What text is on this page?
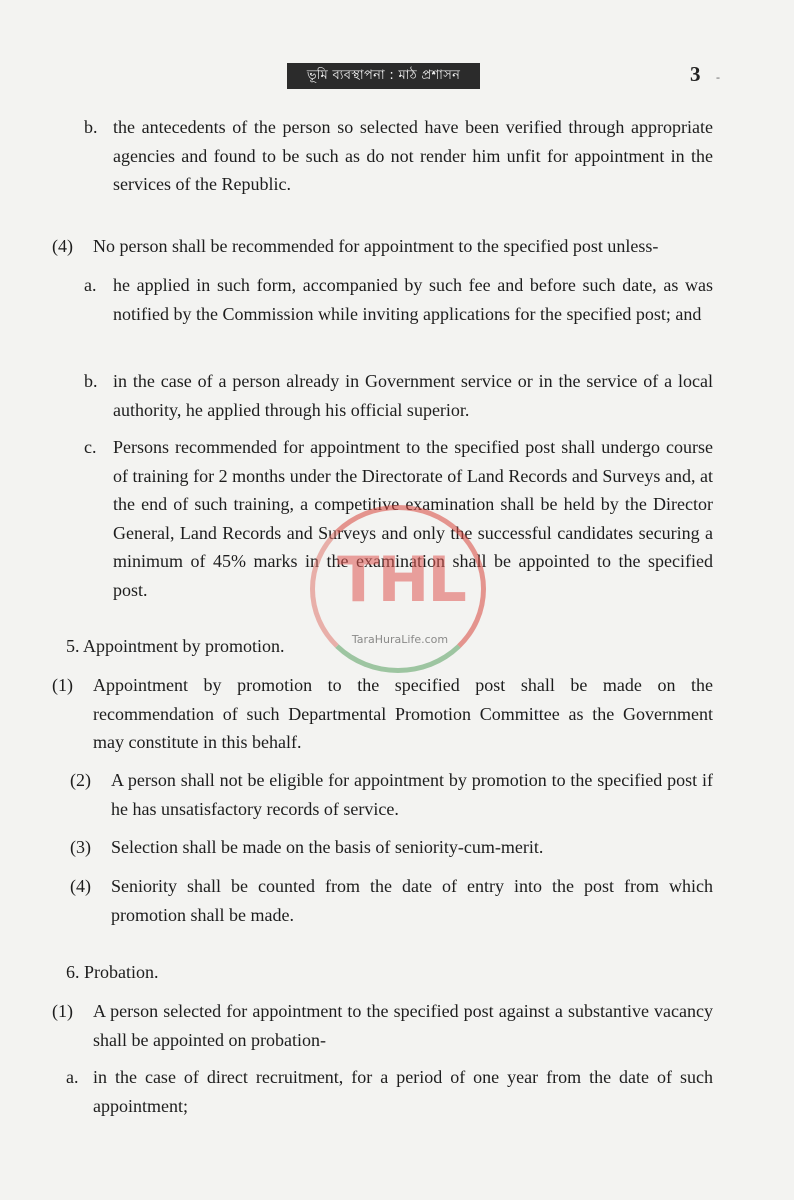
ভূমি ব্যবস্থাপনা : মাঠ প্রশাসন	3 -
b. the antecedents of the person so selected have been verified through appropriate agencies and found to be such as do not render him unfit for appointment in the services of the Republic.
(4) No person shall be recommended for appointment to the specified post unless-
a. he applied in such form, accompanied by such fee and before such date, as was notified by the Commission while inviting applications for the specified post; and
b. in the case of a person already in Government service or in the service of a local authority, he applied through his official superior.
c. Persons recommended for appointment to the specified post shall undergo course of training for 2 months under the Directorate of Land Records and Surveys and, at the end of such training, a competitive examination shall be held by the Director General, Land Records and Surveys and only the successful candidates securing a minimum of 45% marks in the examination shall be appointed to the specified post.
5. Appointment by promotion.
(1) Appointment by promotion to the specified post shall be made on the recommendation of such Departmental Promotion Committee as the Government may constitute in this behalf.
(2) A person shall not be eligible for appointment by promotion to the specified post if he has unsatisfactory records of service.
(3) Selection shall be made on the basis of seniority-cum-merit.
(4) Seniority shall be counted from the date of entry into the post from which promotion shall be made.
6. Probation.
(1) A person selected for appointment to the specified post against a substantive vacancy shall be appointed on probation-
a. in the case of direct recruitment, for a period of one year from the date of such appointment;
THL
TaraHuraLife.com
